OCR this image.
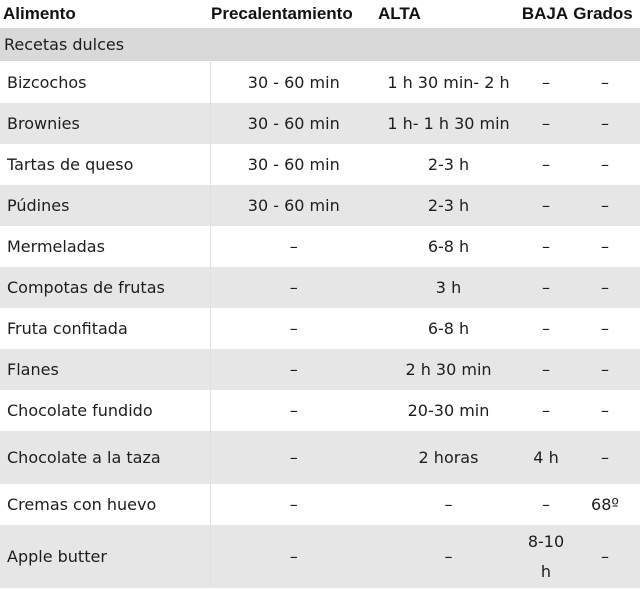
Alimento	Precalentamiento	ALTA	BAJA	Grados
Recetas dulces				
Bizcochos	30 - 60 min	1 h 30 min- 2 h	–	–
Brownies	30 - 60 min	1 h- 1 h 30 min	–	–
Tartas de queso	30 - 60 min	2-3 h	–	–
Púdines	30 - 60 min	2-3 h	–	–
Mermeladas	–	6-8 h	–	–
Compotas de frutas	–	3 h	–	–
Fruta confitada	–	6-8 h	–	–
Flanes	–	2 h 30 min	–	–
Chocolate fundido	–	20-30 min	–	–
Chocolate a la taza	–	2 horas	4 h	–
Cremas con huevo	–	–	–	68º
Apple butter	–	–	8-10 h	–
